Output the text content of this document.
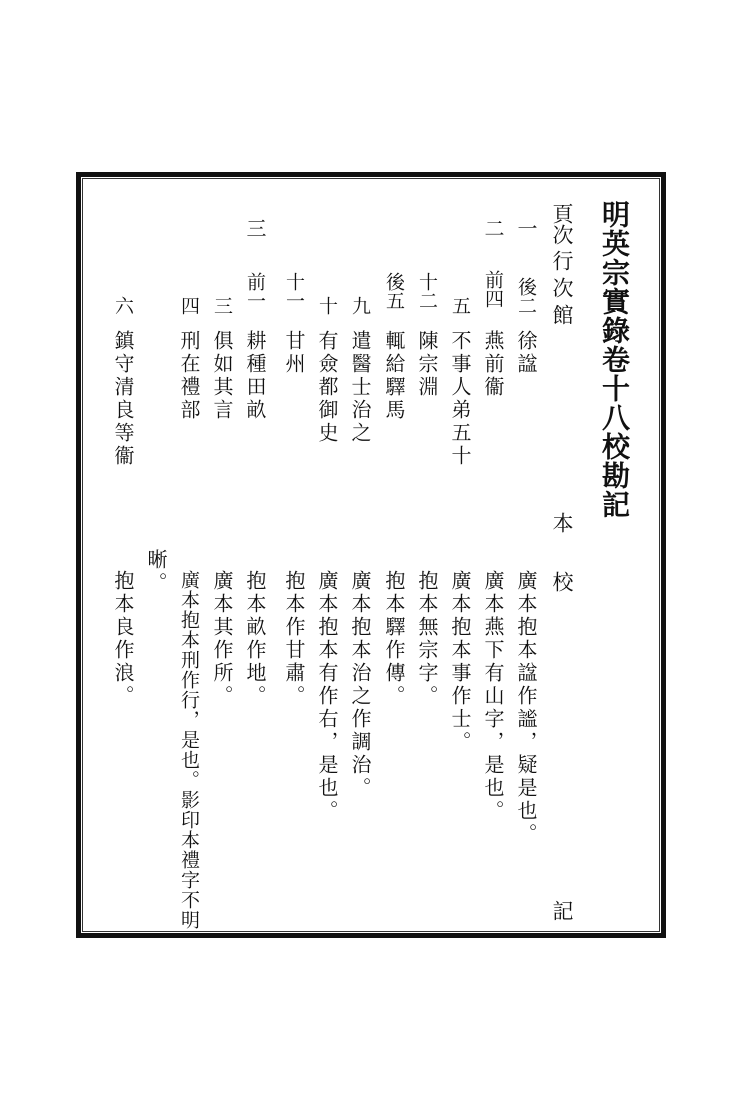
明英宗實錄卷十八校勘記
頁次
行
次
館
本
校
記
一
後二
徐諡
廣本抱本諡作謐，疑是也。
二
前四
燕前衞
廣本燕下有山字，是也。
五
不事人弟五十
廣本抱本事作士。
十二
陳宗淵
抱本無宗字。
後五
輒給驛馬
抱本驛作傳。
九
遣醫士治之
廣本抱本治之作調治。
十
有僉都御史
廣本抱本有作右，是也。
十一
甘州
抱本作甘肅。
三
前一
耕種田畝
抱本畝作地。
三
俱如其言
廣本其作所。
四
刑在禮部
廣本抱本刑作行，是也。影印本禮字不明
晰。
六
鎮守清良等衞
抱本良作浪。
